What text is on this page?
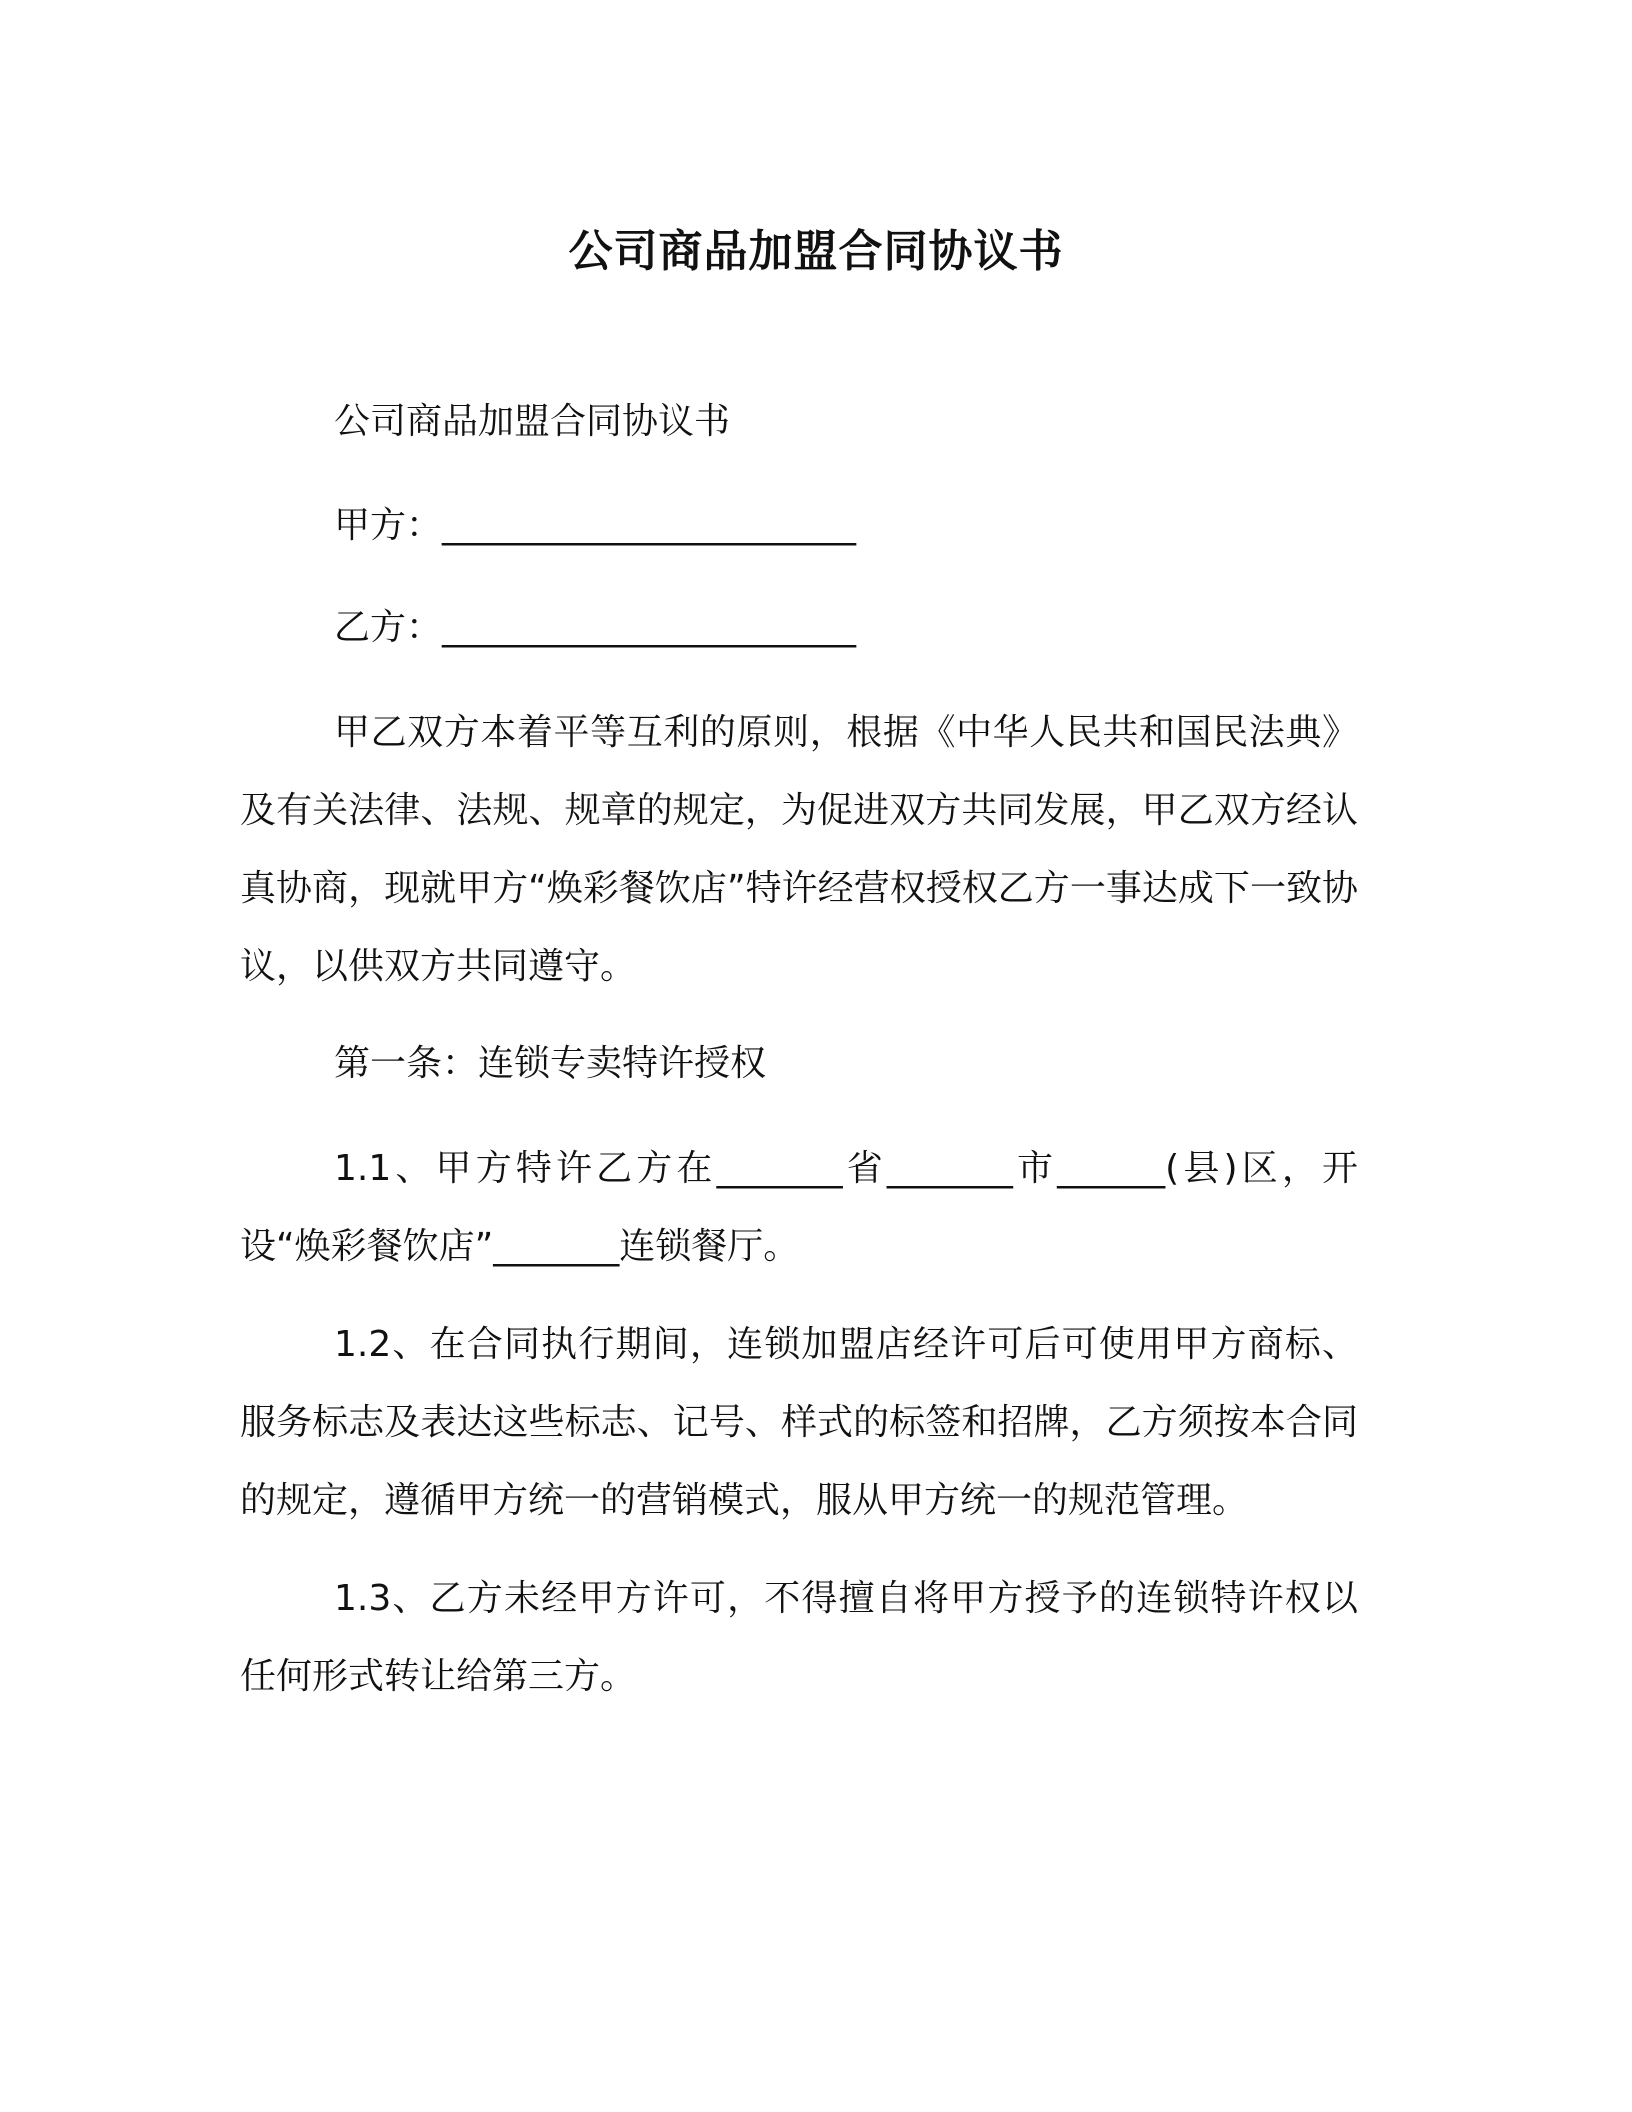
公司商品加盟合同协议书
公司商品加盟合同协议书
甲方：_______________________
乙方：_______________________
甲乙双方本着平等互利的原则，根据《中华人民共和国民法典》及有关法律、法规、规章的规定，为促进双方共同发展，甲乙双方经认真协商，现就甲方“焕彩餐饮店”特许经营权授权乙方一事达成下一致协议，以供双方共同遵守。
第一条：连锁专卖特许授权
1.1、甲方特许乙方在_______省_______市______(县)区，开设“焕彩餐饮店”_______连锁餐厅。
1.2、在合同执行期间，连锁加盟店经许可后可使用甲方商标、服务标志及表达这些标志、记号、样式的标签和招牌，乙方须按本合同的规定，遵循甲方统一的营销模式，服从甲方统一的规范管理。
1.3、乙方未经甲方许可，不得擅自将甲方授予的连锁特许权以任何形式转让给第三方。
